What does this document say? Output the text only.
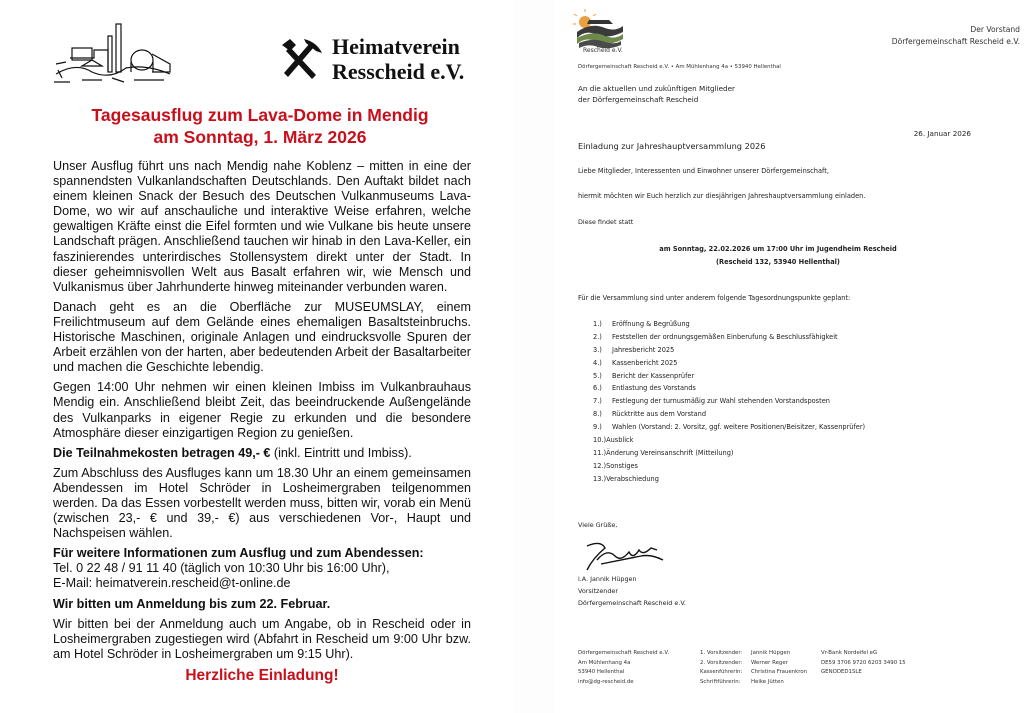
Heimatverein
Resscheid e.V.
Tagesausflug zum Lava-Dome in Mendig
am Sonntag, 1. März 2026

Unser Ausflug führt uns nach Mendig nahe Koblenz – mitten in eine der spannendsten Vulkanlandschaften Deutschlands. Den Auftakt bildet nach einem kleinen Snack der Besuch des Deutschen Vulkanmuseums Lava-Dome, wo wir auf anschauliche und interaktive Weise erfahren, welche gewaltigen Kräfte einst die Eifel formten und wie Vulkane bis heute unsere Landschaft prägen. Anschließend tauchen wir hinab in den Lava-Keller, ein faszinierendes unterirdisches Stollensystem direkt unter der Stadt. In dieser geheimnisvollen Welt aus Basalt erfahren wir, wie Mensch und Vulkanismus über Jahrhunderte hinweg miteinander verbunden waren.

Danach geht es an die Oberfläche zur MUSEUMSLAY, einem Freilichtmuseum auf dem Gelände eines ehemaligen Basaltsteinbruchs. Historische Maschinen, originale Anlagen und eindrucksvolle Spuren der Arbeit erzählen von der harten, aber bedeutenden Arbeit der Basaltarbeiter und machen die Geschichte lebendig.

Gegen 14:00 Uhr nehmen wir einen kleinen Imbiss im Vulkanbrauhaus Mendig ein. Anschließend bleibt Zeit, das beeindruckende Außengelände des Vulkanparks in eigener Regie zu erkunden und die besondere Atmosphäre dieser einzigartigen Region zu genießen.

Die Teilnahmekosten betragen 49,- € (inkl. Eintritt und Imbiss).

Zum Abschluss des Ausfluges kann um 18.30 Uhr an einem gemeinsamen Abendessen im Hotel Schröder in Losheimergraben teilgenommen werden. Da das Essen vorbestellt werden muss, bitten wir, vorab ein Menü (zwischen 23,- € und 39,- €) aus verschiedenen Vor-, Haupt und Nachspeisen wählen.

Für weitere Informationen zum Ausflug und zum Abendessen:

Tel. 0 22 48 / 91 11 40 (täglich von 10:30 Uhr bis 16:00 Uhr),

E-Mail: heimatverein.rescheid@t-online.de

Wir bitten um Anmeldung bis zum 22. Februar.

Wir bitten bei der Anmeldung auch um Angabe, ob in Rescheid oder in Losheimergraben zugestiegen wird (Abfahrt in Rescheid um 9:00 Uhr bzw. am Hotel Schröder in Losheimergraben um 9:15 Uhr).

Herzliche Einladung!

Rescheid e.V.
Der Vorstand
Dörfergemeinschaft Rescheid e.V.
Dörfergemeinschaft Rescheid e.V. • Am Mühlenhang 4a • 53940 Hellenthal
An die aktuellen und zukünftigen Mitglieder
der Dörfergemeinschaft Rescheid
26. Januar 2026
Einladung zur Jahreshauptversammlung 2026
Liebe Mitglieder, Interessenten und Einwohner unserer Dörfergemeinschaft,
hiermit möchten wir Euch herzlich zur diesjährigen Jahreshauptversammlung einladen.
Diese findet statt
am Sonntag, 22.02.2026 um 17:00 Uhr im Jugendheim Rescheid
(Rescheid 132, 53940 Hellenthal)
Für die Versammlung sind unter anderem folgende Tagesordnungspunkte geplant:
1.) Eröffnung & Begrüßung
2.) Feststellen der ordnungsgemäßen Einberufung & Beschlussfähigkeit
3.) Jahresbericht 2025
4.) Kassenbericht 2025
5.) Bericht der Kassenprüfer
6.) Entlastung des Vorstands
7.) Festlegung der turnusmäßig zur Wahl stehenden Vorstandsposten
8.) Rücktritte aus dem Vorstand
9.) Wahlen (Vorstand: 2. Vorsitz, ggf. weitere Positionen/Beisitzer, Kassenprüfer)
10.)Ausblick
11.)Änderung Vereinsanschrift (Mitteilung)
12.)Sonstiges
13.)Verabschiedung
Viele Grüße,
i.A. Jannik Hüpgen
Vorsitzender
Dörfergemeinschaft Rescheid e.V.
Dörfergemeinschaft Rescheid e.V.
Am Mühlenhang 4a
53940 Hellenthal
info@dg-rescheid.de
1. Vorsitzender:
2. Vorsitzender:
Kassenführerin:
Schriftführerin:
Jannik Hüpgen
Werner Reger
Christina Frauenkron
Heike Jütten
Vr-Bank Nordeifel eG
DE59 3706 9720 6203 3490 15
GENODED1SLE
